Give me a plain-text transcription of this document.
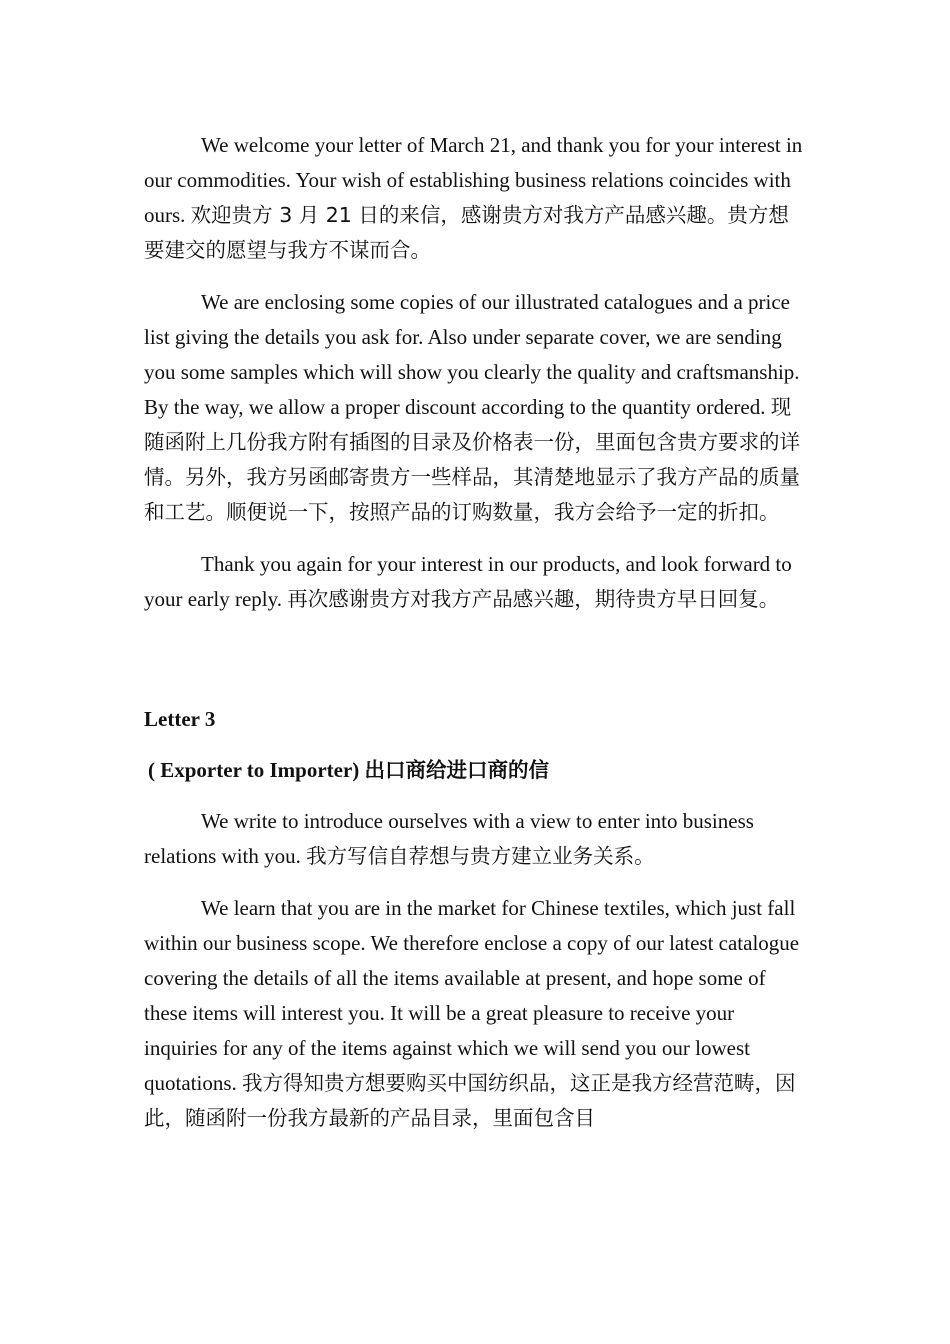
We welcome your letter of March 21, and thank you for your interest in our commodities. Your wish of establishing business relations coincides with ours. 欢迎贵方 3 月 21 日的来信，感谢贵方对我方产品感兴趣。贵方想要建交的愿望与我方不谋而合。

We are enclosing some copies of our illustrated catalogues and a price list giving the details you ask for. Also under separate cover, we are sending you some samples which will show you clearly the quality and craftsmanship. By the way, we allow a proper discount according to the quantity ordered. 现随函附上几份我方附有插图的目录及价格表一份，里面包含贵方要求的详情。另外，我方另函邮寄贵方一些样品，其清楚地显示了我方产品的质量和工艺。顺便说一下，按照产品的订购数量，我方会给予一定的折扣。

Thank you again for your interest in our products, and look forward to your early reply. 再次感谢贵方对我方产品感兴趣，期待贵方早日回复。

Letter 3

( Exporter to Importer) 出口商给进口商的信

We write to introduce ourselves with a view to enter into business relations with you. 我方写信自荐想与贵方建立业务关系。

We learn that you are in the market for Chinese textiles, which just fall within our business scope. We therefore enclose a copy of our latest catalogue covering the details of all the items available at present, and hope some of these items will interest you. It will be a great pleasure to receive your inquiries for any of the items against which we will send you our lowest quotations. 我方得知贵方想要购买中国纺织品，这正是我方经营范畴，因此，随函附一份我方最新的产品目录，里面包含目
